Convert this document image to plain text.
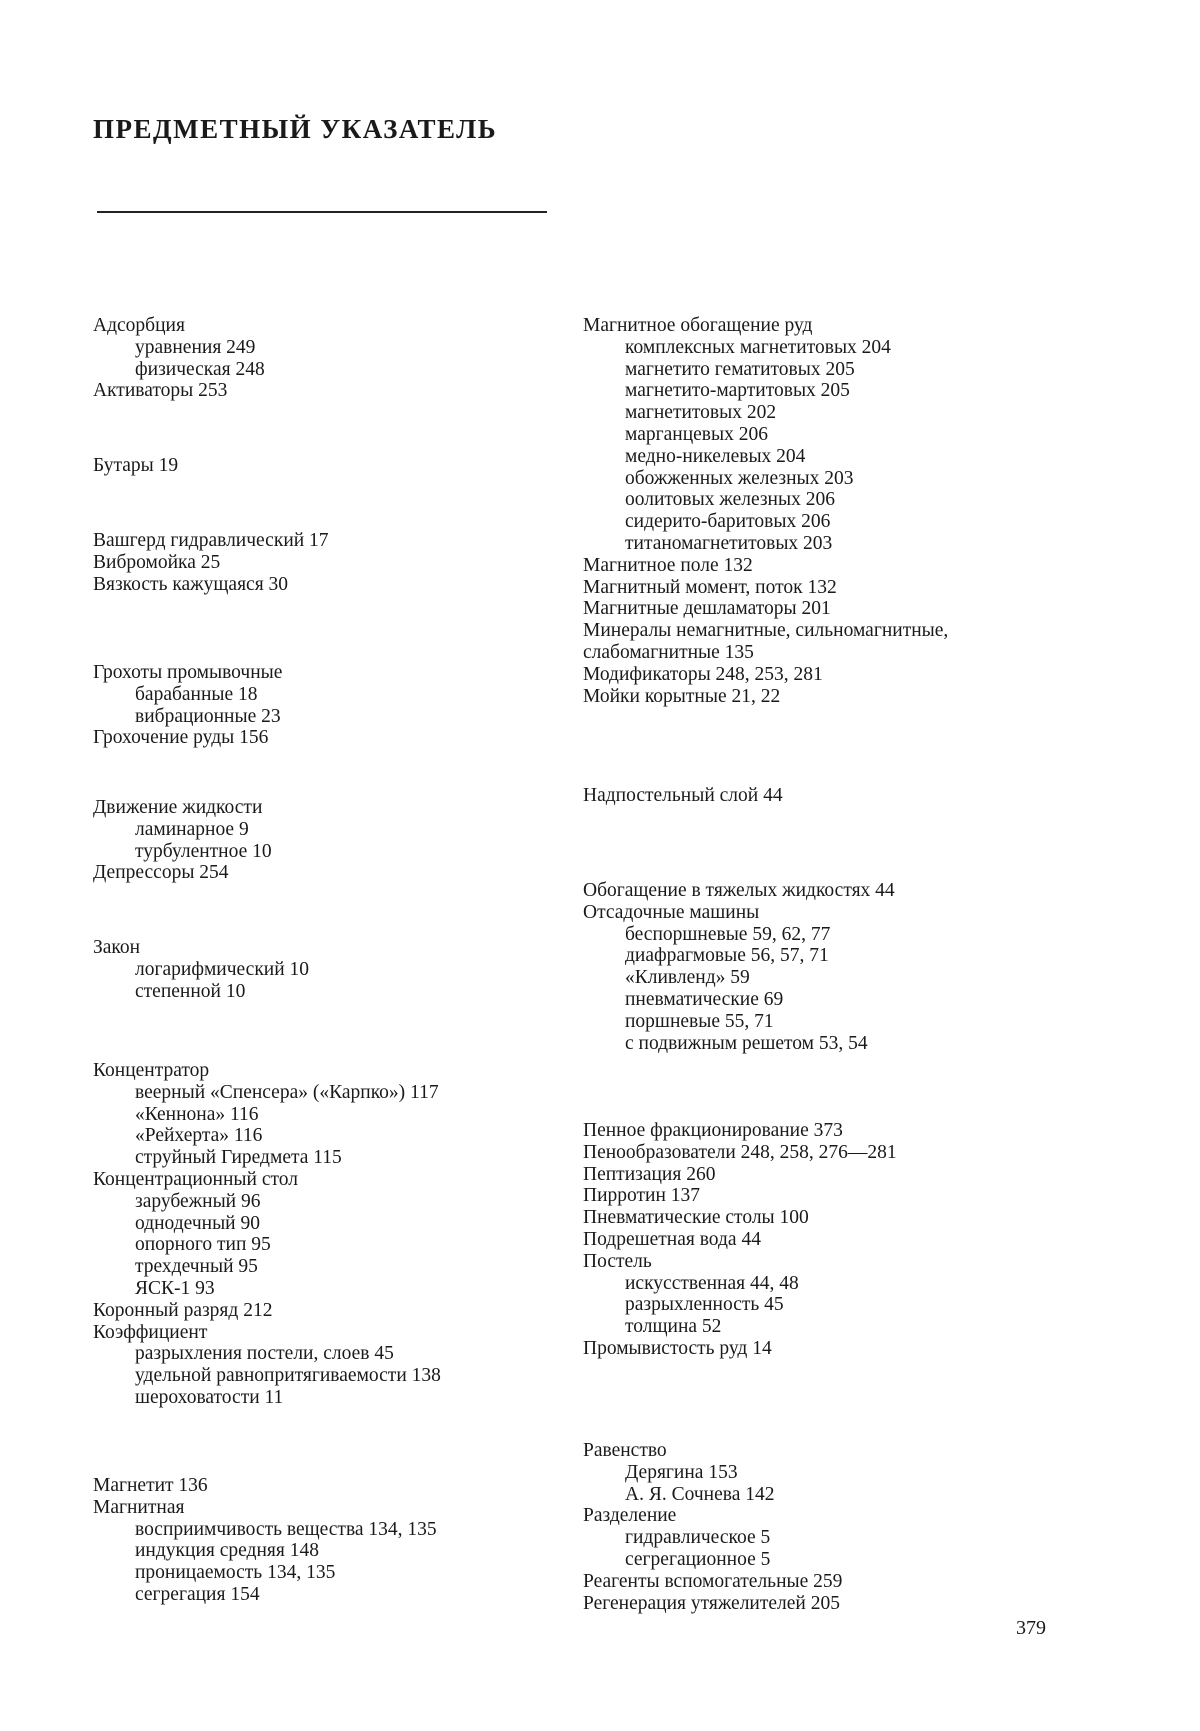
ПРЕДМЕТНЫЙ УКАЗАТЕЛЬ

Адсорбция

уравнения 249

физическая 248

Активаторы 253

Бутары 19

Вашгерд гидравлический 17

Вибромойка 25

Вязкость кажущаяся 30

Грохоты промывочные

барабанные 18

вибрационные 23

Грохочение руды 156

Движение жидкости

ламинарное 9

турбулентное 10

Депрессоры 254

Закон

логарифмический 10

степенной 10

Концентратор

веерный «Спенсера» («Карпко») 117

«Кеннона» 116

«Рейхерта» 116

струйный Гиредмета 115

Концентрационный стол

зарубежный 96

однодечный 90

опорного тип 95

трехдечный 95

ЯСК-1 93

Коронный разряд 212

Коэффициент

разрыхления постели, слоев 45

удельной равнопритягиваемости 138

шероховатости 11

Магнетит 136

Магнитная

восприимчивость вещества 134, 135

индукция средняя 148

проницаемость 134, 135

сегрегация 154

Магнитное обогащение руд

комплексных магнетитовых 204

магнетито гематитовых 205

магнетито-мартитовых 205

магнетитовых 202

марганцевых 206

медно-никелевых 204

обожженных железных 203

оолитовых железных 206

сидерито-баритовых 206

титаномагнетитовых 203

Магнитное поле 132

Магнитный момент, поток 132

Магнитные дешламаторы 201

Минералы немагнитные, сильномагнитные, слабомагнитные 135

Модификаторы 248, 253, 281

Мойки корытные 21, 22

Надпостельный слой 44

Обогащение в тяжелых жидкостях 44

Отсадочные машины

беспоршневые 59, 62, 77

диафрагмовые 56, 57, 71

«Кливленд» 59

пневматические 69

поршневые 55, 71

с подвижным решетом 53, 54

Пенное фракционирование 373

Пенообразователи 248, 258, 276—281

Пептизация 260

Пирротин 137

Пневматические столы 100

Подрешетная вода 44

Постель

искусственная 44, 48

разрыхленность 45

толщина 52

Промывистость руд 14

Равенство

Дерягина 153

А. Я. Сочнева 142

Разделение

гидравлическое 5

сегрегационное 5

Реагенты вспомогательные 259

Регенерация утяжелителей 205

379
